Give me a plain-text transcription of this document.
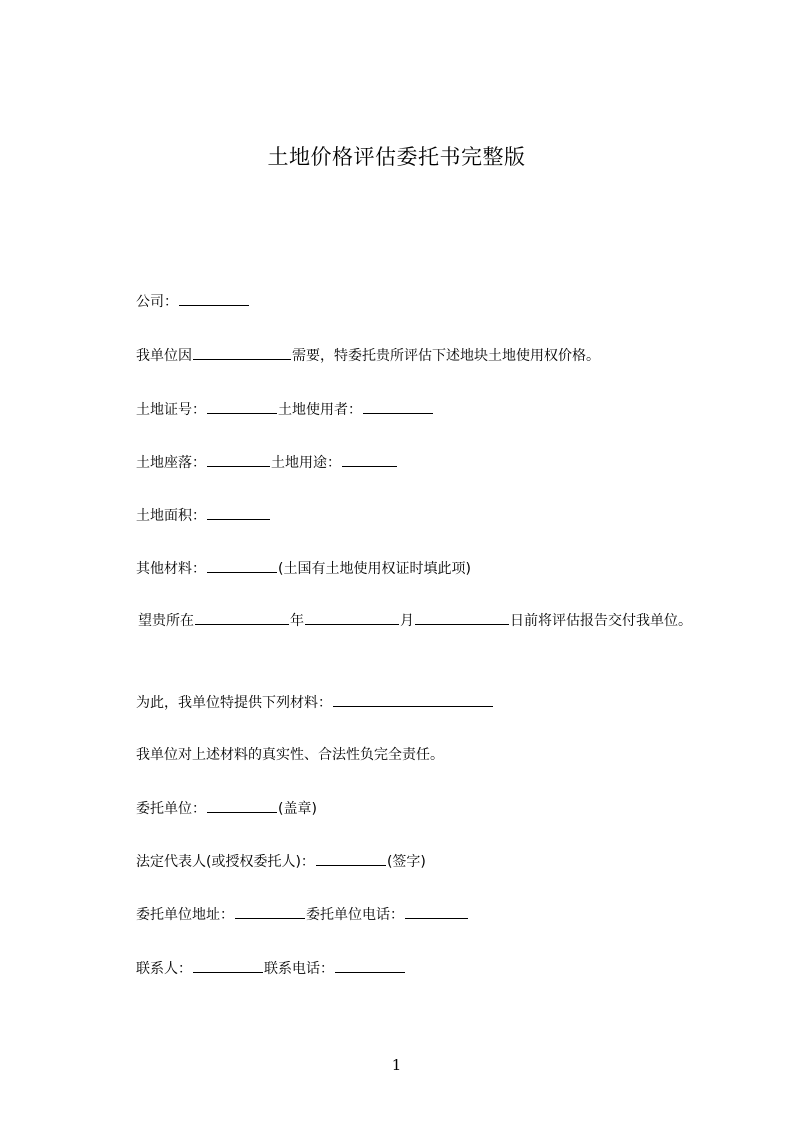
土地价格评估委托书完整版
公司：
我单位因	需要，特委托贵所评估下述地块土地使用权价格。
土地证号：	土地使用者：
土地座落：	土地用途：
土地面积：
其他材料：	(土国有土地使用权证时填此项)
望贵所在	年	月	日前将评估报告交付我单位。
为此，我单位特提供下列材料：
我单位对上述材料的真实性、合法性负完全责任。
委托单位：	(盖章)
法定代表人(或授权委托人)：	(签字)
委托单位地址：	委托单位电话：
联系人：	联系电话：
1
